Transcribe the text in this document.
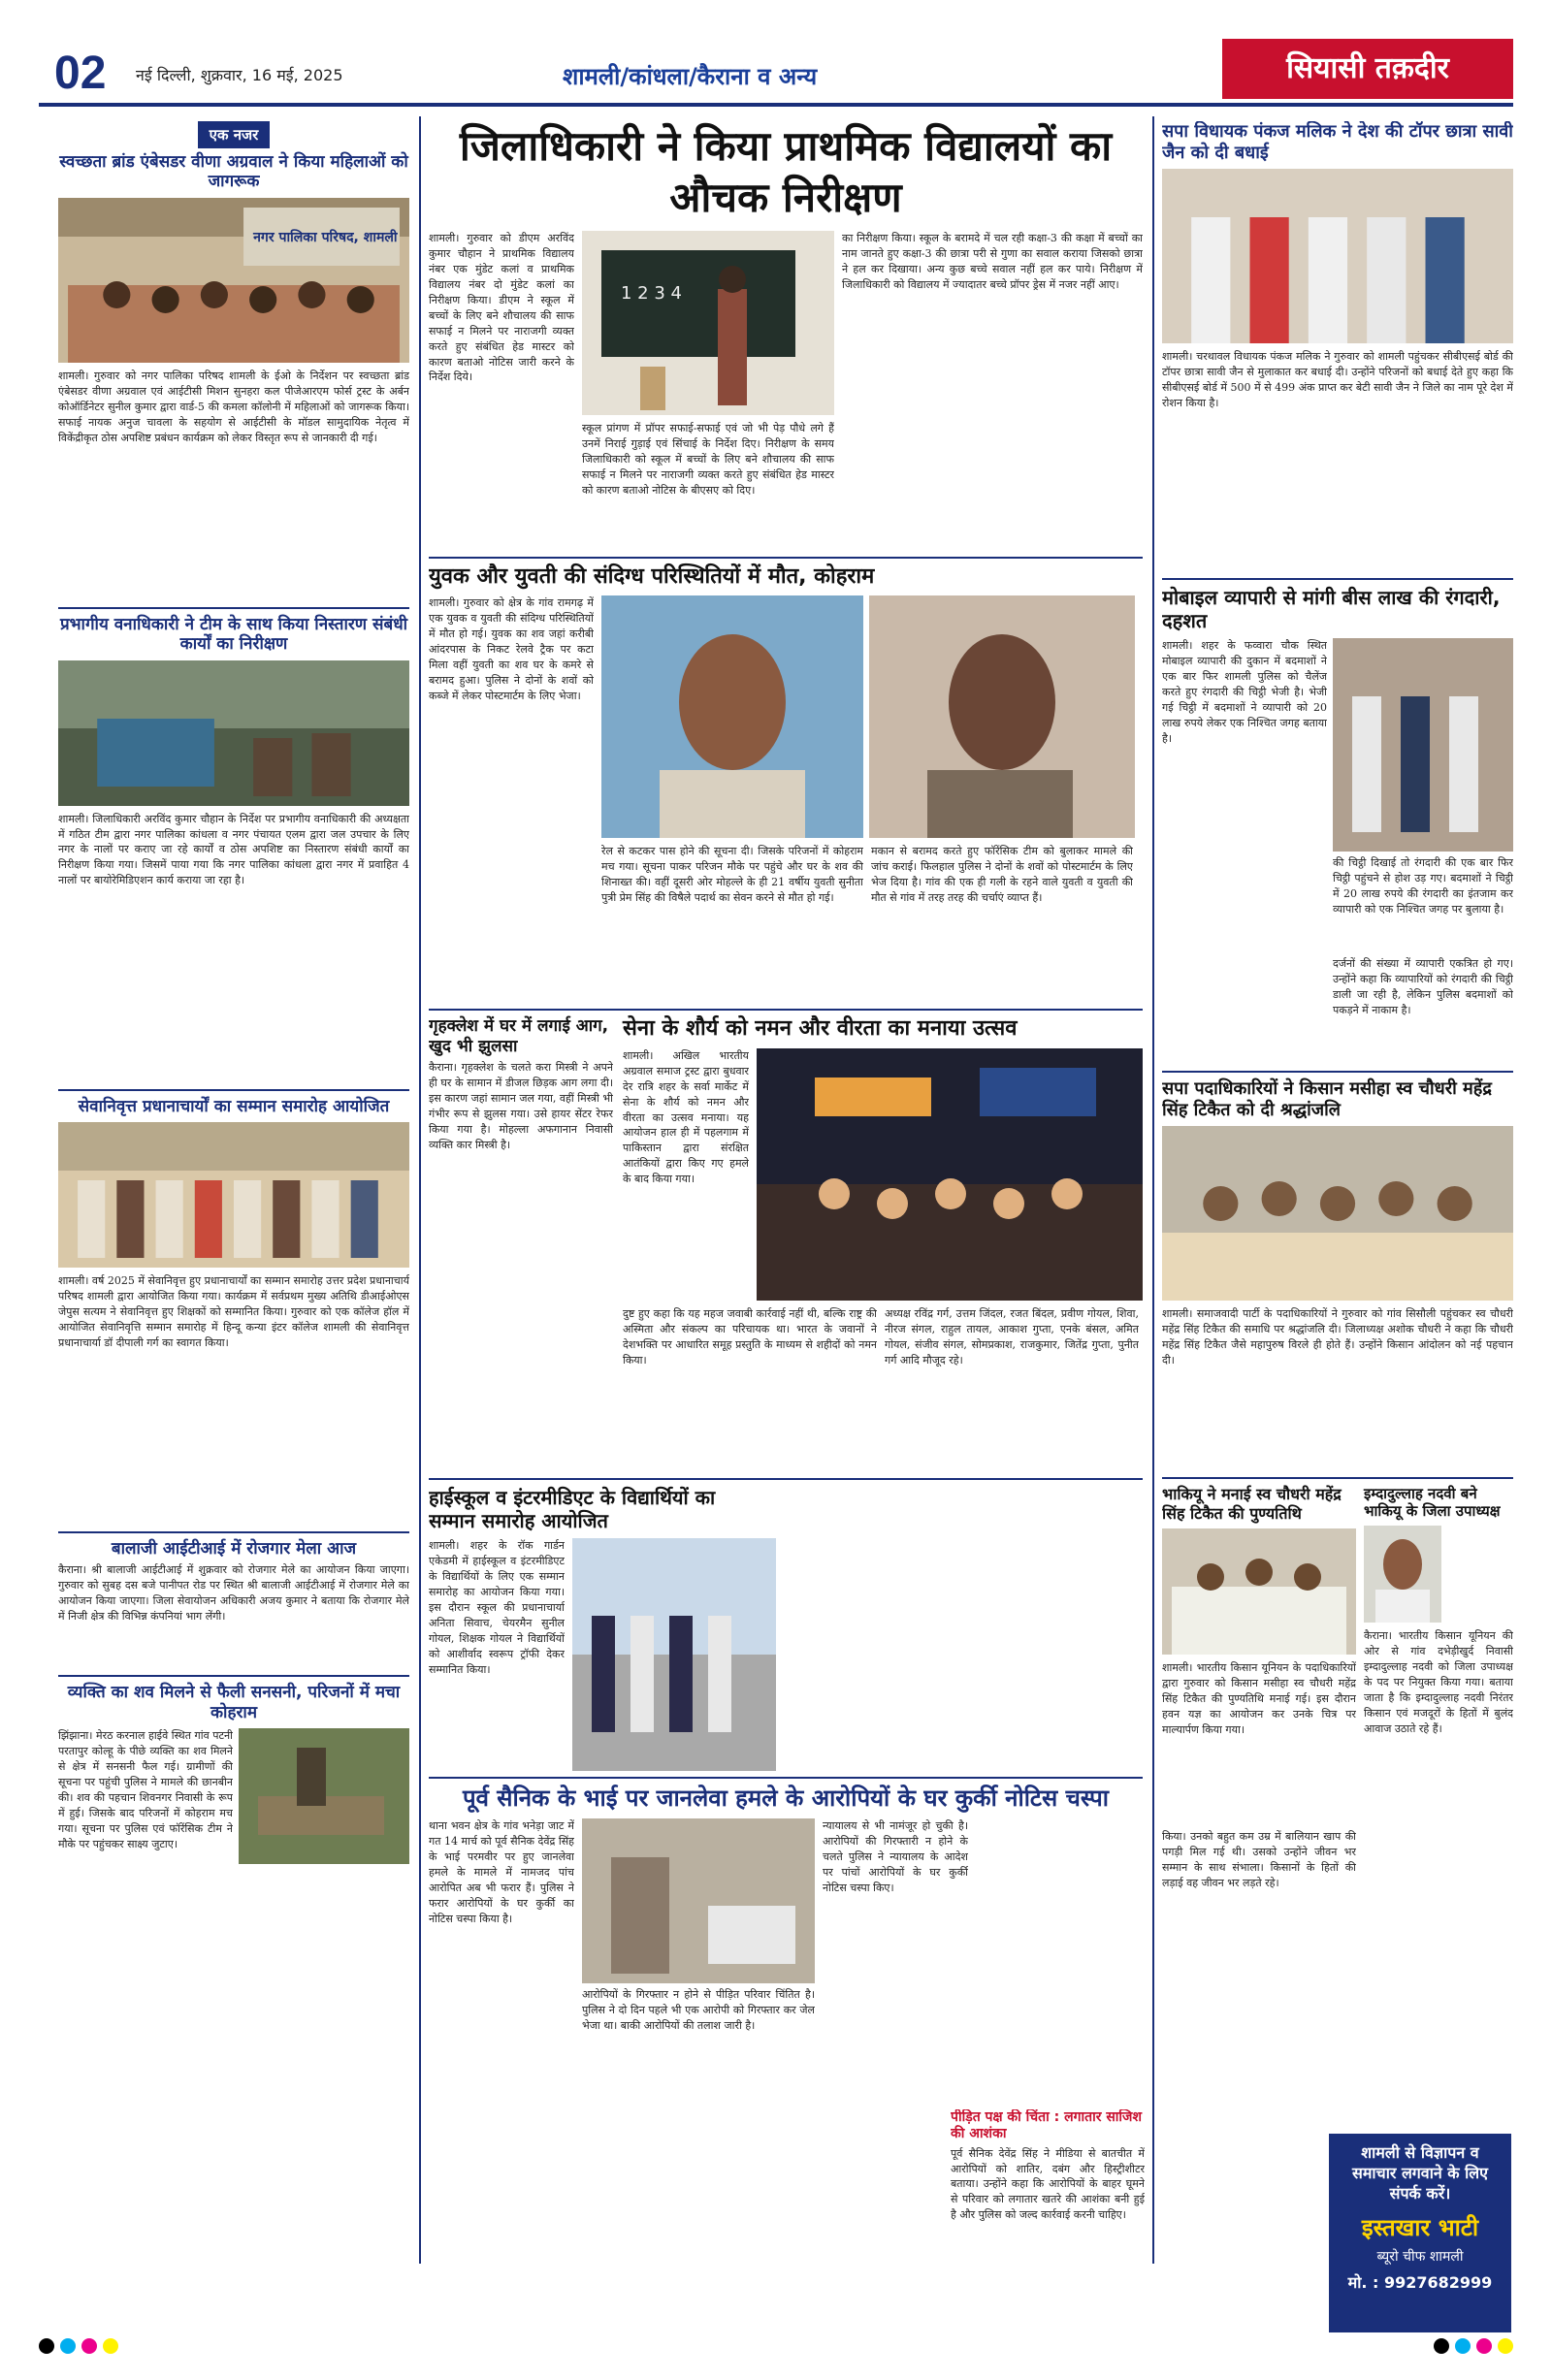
02 नई दिल्ली, शुक्रवार, 16 मई, 2025	शामली/कांधला/कैराना व अन्य	सियासी तक़दीर
एक नजर
स्वच्छता ब्रांड एंबेसडर वीणा अग्रवाल ने किया महिलाओं को जागरूक
नगर पालिका परिषद, शामली
शामली। गुरुवार को नगर पालिका परिषद शामली के ईओ के निर्देशन पर स्वच्छता ब्रांड एंबेसडर वीणा अग्रवाल एवं आईटीसी मिशन सुनहरा कल पीजेआरएम फोर्स ट्रस्ट के अर्बन कोऑर्डिनेटर सुनील कुमार द्वारा वार्ड-5 की कमला कॉलोनी में महिलाओं को जागरूक किया। सफाई नायक अनुज चावला के सहयोग से आईटीसी के मॉडल सामुदायिक नेतृत्व में विकेंद्रीकृत ठोस अपशिष्ट प्रबंधन कार्यक्रम को लेकर विस्तृत रूप से जानकारी दी गई।
प्रभागीय वनाधिकारी ने टीम के साथ किया निस्तारण संबंधी कार्यों का निरीक्षण
शामली। जिलाधिकारी अरविंद कुमार चौहान के निर्देश पर प्रभागीय वनाधिकारी की अध्यक्षता में गठित टीम द्वारा नगर पालिका कांधला व नगर पंचायत एलम द्वारा जल उपचार के लिए नगर के नालों पर कराए जा रहे कार्यों व ठोस अपशिष्ट का निस्तारण संबंधी कार्यों का निरीक्षण किया गया। जिसमें पाया गया कि नगर पालिका कांधला द्वारा नगर में प्रवाहित 4 नालों पर बायोरेमिडिएशन कार्य कराया जा रहा है।
सेवानिवृत्त प्रधानाचार्यों का सम्मान समारोह आयोजित
शामली। वर्ष 2025 में सेवानिवृत्त हुए प्रधानाचार्यों का सम्मान समारोह उत्तर प्रदेश प्रधानाचार्य परिषद शामली द्वारा आयोजित किया गया। कार्यक्रम में सर्वप्रथम मुख्य अतिथि डीआईओएस जेपुस सत्यम ने सेवानिवृत्त हुए शिक्षकों को सम्मानित किया। गुरुवार को एक कॉलेज हॉल में आयोजित सेवानिवृत्ति सम्मान समारोह में हिन्दू कन्या इंटर कॉलेज शामली की सेवानिवृत्त प्रधानाचार्या डॉ दीपाली गर्ग का स्वागत किया।
बालाजी आईटीआई में रोजगार मेला आज
कैराना। श्री बालाजी आईटीआई में शुक्रवार को रोजगार मेले का आयोजन किया जाएगा। गुरुवार को सुबह दस बजे पानीपत रोड पर स्थित श्री बालाजी आईटीआई में रोजगार मेले का आयोजन किया जाएगा। जिला सेवायोजन अधिकारी अजय कुमार ने बताया कि रोजगार मेले में निजी क्षेत्र की विभिन्न कंपनियां भाग लेंगी।
व्यक्ति का शव मिलने से फैली सनसनी, परिजनों में मचा कोहराम
झिंझाना। मेरठ करनाल हाईवे स्थित गांव पटनी परतापुर कोल्हू के पीछे व्यक्ति का शव मिलने से क्षेत्र में सनसनी फैल गई। ग्रामीणों की सूचना पर पहुंची पुलिस ने मामले की छानबीन की। शव की पहचान शिवनगर निवासी के रूप में हुई। जिसके बाद परिजनों में कोहराम मच गया। सूचना पर पुलिस एवं फॉरेंसिक टीम ने मौके पर पहुंचकर साक्ष्य जुटाए।
जिलाधिकारी ने किया प्राथमिक विद्यालयों का औचक निरीक्षण
शामली। गुरुवार को डीएम अरविंद कुमार चौहान ने प्राथमिक विद्यालय नंबर एक मुंडेट कलां व प्राथमिक विद्यालय नंबर दो मुंडेट कलां का निरीक्षण किया। डीएम ने स्कूल में बच्चों के लिए बने शौचालय की साफ सफाई न मिलने पर नाराजगी व्यक्त करते हुए संबंधित हेड मास्टर को कारण बताओ नोटिस जारी करने के निर्देश दिये।
1 2 3 4
स्कूल प्रांगण में प्रॉपर सफाई-सफाई एवं जो भी पेड़ पौधे लगे हैं उनमें निराई गुड़ाई एवं सिंचाई के निर्देश दिए। निरीक्षण के समय जिलाधिकारी को स्कूल में बच्चों के लिए बने शौचालय की साफ सफाई न मिलने पर नाराजगी व्यक्त करते हुए संबंधित हेड मास्टर को कारण बताओ नोटिस के बीएसए को दिए।
का निरीक्षण किया। स्कूल के बरामदे में चल रही कक्षा-3 की कक्षा में बच्चों का नाम जानते हुए कक्षा-3 की छात्रा परी से गुणा का सवाल कराया जिसको छात्रा ने हल कर दिखाया। अन्य कुछ बच्चे सवाल नहीं हल कर पाये। निरीक्षण में जिलाधिकारी को विद्यालय में ज्यादातर बच्चे प्रॉपर ड्रेस में नजर नहीं आए।
युवक और युवती की संदिग्ध परिस्थितियों में मौत, कोहराम
शामली। गुरुवार को क्षेत्र के गांव रामगढ़ में एक युवक व युवती की संदिग्ध परिस्थितियों में मौत हो गई। युवक का शव जहां करीबी आंदरपास के निकट रेलवे ट्रैक पर कटा मिला वहीं युवती का शव घर के कमरे से बरामद हुआ। पुलिस ने दोनों के शवों को कब्जे में लेकर पोस्टमार्टम के लिए भेजा।
रेल से कटकर पास होने की सूचना दी। जिसके परिजनों में कोहराम मच गया। सूचना पाकर परिजन मौके पर पहुंचे और घर के शव की शिनाख्त की। वहीं दूसरी ओर मोहल्ले के ही 21 वर्षीय युवती सुनीता पुत्री प्रेम सिंह की विषैले पदार्थ का सेवन करने से मौत हो गई।
मकान से बरामद करते हुए फॉरेंसिक टीम को बुलाकर मामले की जांच कराई। फिलहाल पुलिस ने दोनों के शवों को पोस्टमार्टम के लिए भेज दिया है। गांव की एक ही गली के रहने वाले युवती व युवती की मौत से गांव में तरह तरह की चर्चाएं व्याप्त हैं।
गृहक्लेश में घर में लगाई आग, खुद भी झुलसा
कैराना। गृहक्लेश के चलते करा मिस्त्री ने अपने ही घर के सामान में डीजल छिड़क आग लगा दी। इस कारण जहां सामान जल गया, वहीं मिस्त्री भी गंभीर रूप से झुलस गया। उसे हायर सेंटर रेफर किया गया है। मोहल्ला अफगानान निवासी व्यक्ति कार मिस्त्री है।
सेना के शौर्य को नमन और वीरता का मनाया उत्सव
शामली। अखिल भारतीय अग्रवाल समाज ट्रस्ट द्वारा बुधवार देर रात्रि शहर के सर्वा मार्केट में सेना के शौर्य को नमन और वीरता का उत्सव मनाया। यह आयोजन हाल ही में पहलगाम में पाकिस्तान द्वारा संरक्षित आतंकियों द्वारा किए गए हमले के बाद किया गया।
दुष्ट हुए कहा कि यह महज जवाबी कार्रवाई नहीं थी, बल्कि राष्ट्र की अस्मिता और संकल्प का परिचायक था। भारत के जवानों ने देशभक्ति पर आधारित समूह प्रस्तुति के माध्यम से शहीदों को नमन किया।
अध्यक्ष रविंद्र गर्ग, उत्तम जिंदल, रजत बिंदल, प्रवीण गोयल, शिवा, नीरज संगल, राहुल तायल, आकाश गुप्ता, एनके बंसल, अमित गोयल, संजीव संगल, सोमप्रकाश, राजकुमार, जितेंद्र गुप्ता, पुनीत गर्ग आदि मौजूद रहे।
हाईस्कूल व इंटरमीडिएट के विद्यार्थियों का सम्मान समारोह आयोजित
शामली। शहर के रॉक गार्डन एकेडमी में हाईस्कूल व इंटरमीडिएट के विद्यार्थियों के लिए एक सम्मान समारोह का आयोजन किया गया। इस दौरान स्कूल की प्रधानाचार्या अनिता सिवाच, चेयरमैन सुनील गोयल, शिक्षक गोयल ने विद्यार्थियों को आशीर्वाद स्वरूप ट्रॉफी देकर सम्मानित किया।
पूर्व सैनिक के भाई पर जानलेवा हमले के आरोपियों के घर कुर्की नोटिस चस्पा
थाना भवन क्षेत्र के गांव भनेड़ा जाट में गत 14 मार्च को पूर्व सैनिक देवेंद्र सिंह के भाई परमवीर पर हुए जानलेवा हमले के मामले में नामजद पांच आरोपित अब भी फरार हैं। पुलिस ने फरार आरोपियों के घर कुर्की का नोटिस चस्पा किया है।
आरोपियों के गिरफ्तार न होने से पीड़ित परिवार चिंतित है। पुलिस ने दो दिन पहले भी एक आरोपी को गिरफ्तार कर जेल भेजा था। बाकी आरोपियों की तलाश जारी है।
न्यायालय से भी नामंजूर हो चुकी है। आरोपियों की गिरफ्तारी न होने के चलते पुलिस ने न्यायालय के आदेश पर पांचों आरोपियों के घर कुर्की नोटिस चस्पा किए।
पीड़ित पक्ष की चिंता : लगातार साजिश की आशंका
पूर्व सैनिक देवेंद्र सिंह ने मीडिया से बातचीत में आरोपियों को शातिर, दबंग और हिस्ट्रीशीटर बताया। उन्होंने कहा कि आरोपियों के बाहर घूमने से परिवार को लगातार खतरे की आशंका बनी हुई है और पुलिस को जल्द कार्रवाई करनी चाहिए।
सपा विधायक पंकज मलिक ने देश की टॉपर छात्रा सावी जैन को दी बधाई
शामली। चरथावल विधायक पंकज मलिक ने गुरुवार को शामली पहुंचकर सीबीएसई बोर्ड की टॉपर छात्रा सावी जैन से मुलाकात कर बधाई दी। उन्होंने परिजनों को बधाई देते हुए कहा कि सीबीएसई बोर्ड में 500 में से 499 अंक प्राप्त कर बेटी सावी जैन ने जिले का नाम पूरे देश में रोशन किया है।
मोबाइल व्यापारी से मांगी बीस लाख की रंगदारी, दहशत
शामली। शहर के फव्वारा चौक स्थित मोबाइल व्यापारी की दुकान में बदमाशों ने एक बार फिर शामली पुलिस को चैलेंज करते हुए रंगदारी की चिट्ठी भेजी है। भेजी गई चिट्ठी में बदमाशों ने व्यापारी को 20 लाख रुपये लेकर एक निश्चित जगह बताया है।
की चिट्ठी दिखाई तो रंगदारी की एक बार फिर चिट्ठी पहुंचने से होश उड़ गए। बदमाशों ने चिट्ठी में 20 लाख रुपये की रंगदारी का इंतजाम कर व्यापारी को एक निश्चित जगह पर बुलाया है।
दर्जनों की संख्या में व्यापारी एकत्रित हो गए। उन्होंने कहा कि व्यापारियों को रंगदारी की चिट्ठी डाली जा रही है, लेकिन पुलिस बदमाशों को पकड़ने में नाकाम है।
सपा पदाधिकारियों ने किसान मसीहा स्व चौधरी महेंद्र सिंह टिकैत को दी श्रद्धांजलि
शामली। समाजवादी पार्टी के पदाधिकारियों ने गुरुवार को गांव सिसौली पहुंचकर स्व चौधरी महेंद्र सिंह टिकैत की समाधि पर श्रद्धांजलि दी। जिलाध्यक्ष अशोक चौधरी ने कहा कि चौधरी महेंद्र सिंह टिकैत जैसे महापुरुष विरले ही होते हैं। उन्होंने किसान आंदोलन को नई पहचान दी।
भाकियू ने मनाई स्व चौधरी महेंद्र सिंह टिकैत की पुण्यतिथि
शामली। भारतीय किसान यूनियन के पदाधिकारियों द्वारा गुरुवार को किसान मसीहा स्व चौधरी महेंद्र सिंह टिकैत की पुण्यतिथि मनाई गई। इस दौरान हवन यज्ञ का आयोजन कर उनके चित्र पर माल्यार्पण किया गया।
किया। उनको बहुत कम उम्र में बालियान खाप की पगड़ी मिल गई थी। उसको उन्होंने जीवन भर सम्मान के साथ संभाला। किसानों के हितों की लड़ाई वह जीवन भर लड़ते रहे।
इम्दादुल्लाह नदवी बने भाकियू के जिला उपाध्यक्ष
कैराना। भारतीय किसान यूनियन की ओर से गांव दभेड़ीखुर्द निवासी इम्दादुल्लाह नदवी को जिला उपाध्यक्ष के पद पर नियुक्त किया गया। बताया जाता है कि इम्दादुल्लाह नदवी निरंतर किसान एवं मजदूरों के हितों में बुलंद आवाज उठाते रहे हैं।
शामली से विज्ञापन व समाचार लगवाने के लिए संपर्क करें।
इस्तखार भाटी
ब्यूरो चीफ शामली
मो. : 9927682999
